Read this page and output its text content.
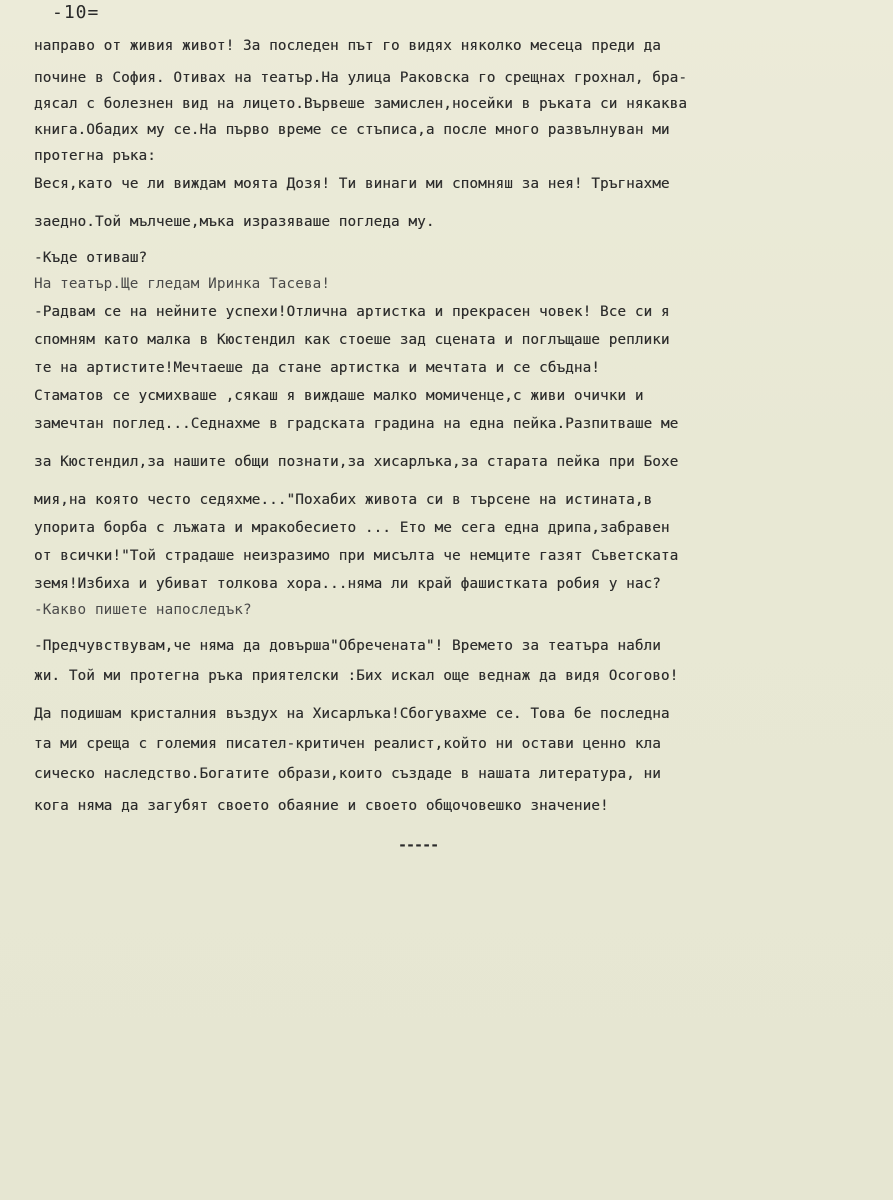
-10=
направо от живия живот! За последен път го видях няколко месеца преди да
почине в София. Отивах на театър.На улица Раковска го срещнах грохнал, бра-
дясал с болезнен вид на лицето.Вървеше замислен,носейки в ръката си някаква
книга.Обадих му се.На първо време се стъписа,а после много развълнуван ми
протегна ръка:
Веся,като че ли виждам моята Дозя! Ти винаги ми спомняш за нея! Тръгнахме
заедно.Той мълчеше,мъка изразяваше погледа му.
-Къде отиваш?
На театър.Ще гледам Иринка Тасева!
-Радвам се на нейните успехи!Отлична артистка и прекрасен човек! Все си я
спомням като малка в Кюстендил как стоеше зад сцената и поглъщаше реплики
те на артистите!Мечтаеше да стане артистка и мечтата и се сбъдна!
Стаматов се усмихваше ,сякаш я виждаше малко момиченце,с живи очички и
замечтан поглед...Седнахме в градската градина на една пейка.Разпитваше ме
за Кюстендил,за нашите общи познати,за хисарлъка,за старата пейка при Бохе
мия,на която често седяхме..."Похабих живота си в търсене на истината,в
упорита борба с лъжата и мракобесието ... Ето ме сега една дрипа,забравен
от всички!"Той страдаше неизразимо при мисълта че немците газят Съветската
земя!Избиха и убиват толкова хора...няма ли край фашистката робия у нас?
-Какво пишете напоследък?
-Предчувствувам,че няма да довърша"Обречената"! Времето за театъра набли
жи. Той ми протегна ръка приятелски :Бих искал още веднаж да видя Осогово!
Да подишам кристалния въздух на Хисарлъка!Сбогувахме се. Това бе последна
та ми среща с големия писател-критичен реалист,който ни остави ценно кла
сическо наследство.Богатите образи,които създаде в нашата литература, ни
кога няма да загубят своето обаяние и своето общочовешко значение!
-----
